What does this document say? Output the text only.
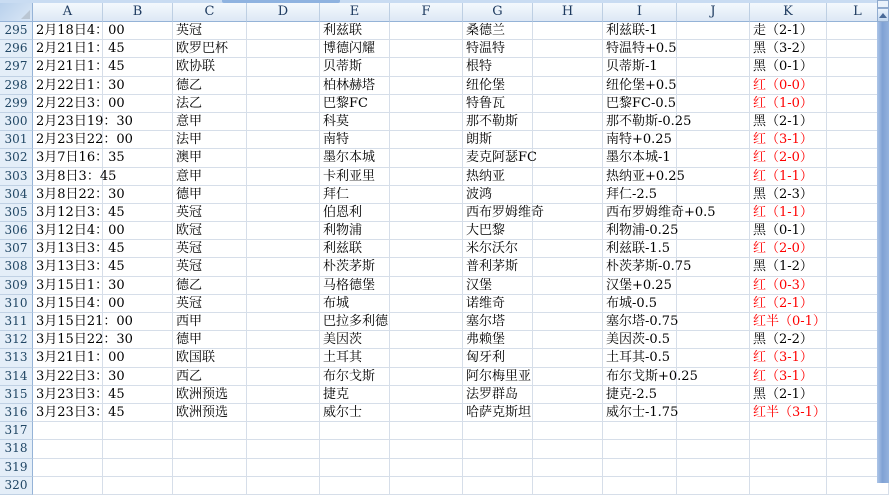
A	B	C	D	E	F	G	H	I	J	K	L
295 2月18日4：00	英冠	利兹联	桑德兰	利兹联-1	走（2-1）
296 2月21日1：45	欧罗巴杯	博德闪耀	特温特	特温特+0.5	黑（3-2）
297 2月21日1：45	欧协联	贝蒂斯	根特	贝蒂斯-1	黑（0-1）
298 2月22日1：30	德乙	柏林赫塔	纽伦堡	纽伦堡+0.5	红（0-0）
299 2月22日3：00	法乙	巴黎FC	特鲁瓦	巴黎FC-0.5	红（1-0）
300 2月23日19：30	意甲	科莫	那不勒斯	那不勒斯-0.25	黑（2-1）
301 2月23日22：00	法甲	南特	朗斯	南特+0.25	红（3-1）
302 3月7日16：35	澳甲	墨尔本城	麦克阿瑟FC	墨尔本城-1	红（2-0）
303 3月8日3：45	意甲	卡利亚里	热纳亚	热纳亚+0.25	红（1-1）
304 3月8日22：30	德甲	拜仁	波鸿	拜仁-2.5	黑（2-3）
305 3月12日3：45	英冠	伯恩利	西布罗姆维奇	西布罗姆维奇+0.5	红（1-1）
306 3月12日4：00	欧冠	利物浦	大巴黎	利物浦-0.25	黑（0-1）
307 3月13日3：45	英冠	利兹联	米尔沃尔	利兹联-1.5	红（2-0）
308 3月13日3：45	英冠	朴茨茅斯	普利茅斯	朴茨茅斯-0.75	黑（1-2）
309 3月15日1：30	德乙	马格德堡	汉堡	汉堡+0.25	红（0-3）
310 3月15日4：00	英冠	布城	诺维奇	布城-0.5	红（2-1）
311 3月15日21：00	西甲	巴拉多利德	塞尔塔	塞尔塔-0.75	红半（0-1）
312 3月15日22：30	德甲	美因茨	弗赖堡	美因茨-0.5	黑（2-2）
313 3月21日1：00	欧国联	土耳其	匈牙利	土耳其-0.5	红（3-1）
314 3月22日3：30	西乙	布尔戈斯	阿尔梅里亚	布尔戈斯+0.25	红（3-1）
315 3月23日3：45	欧洲预选	捷克	法罗群岛	捷克-2.5	黑（2-1）
316 3月23日3：45	欧洲预选	威尔士	哈萨克斯坦	威尔士-1.75	红半（3-1）
317
318
319
320
